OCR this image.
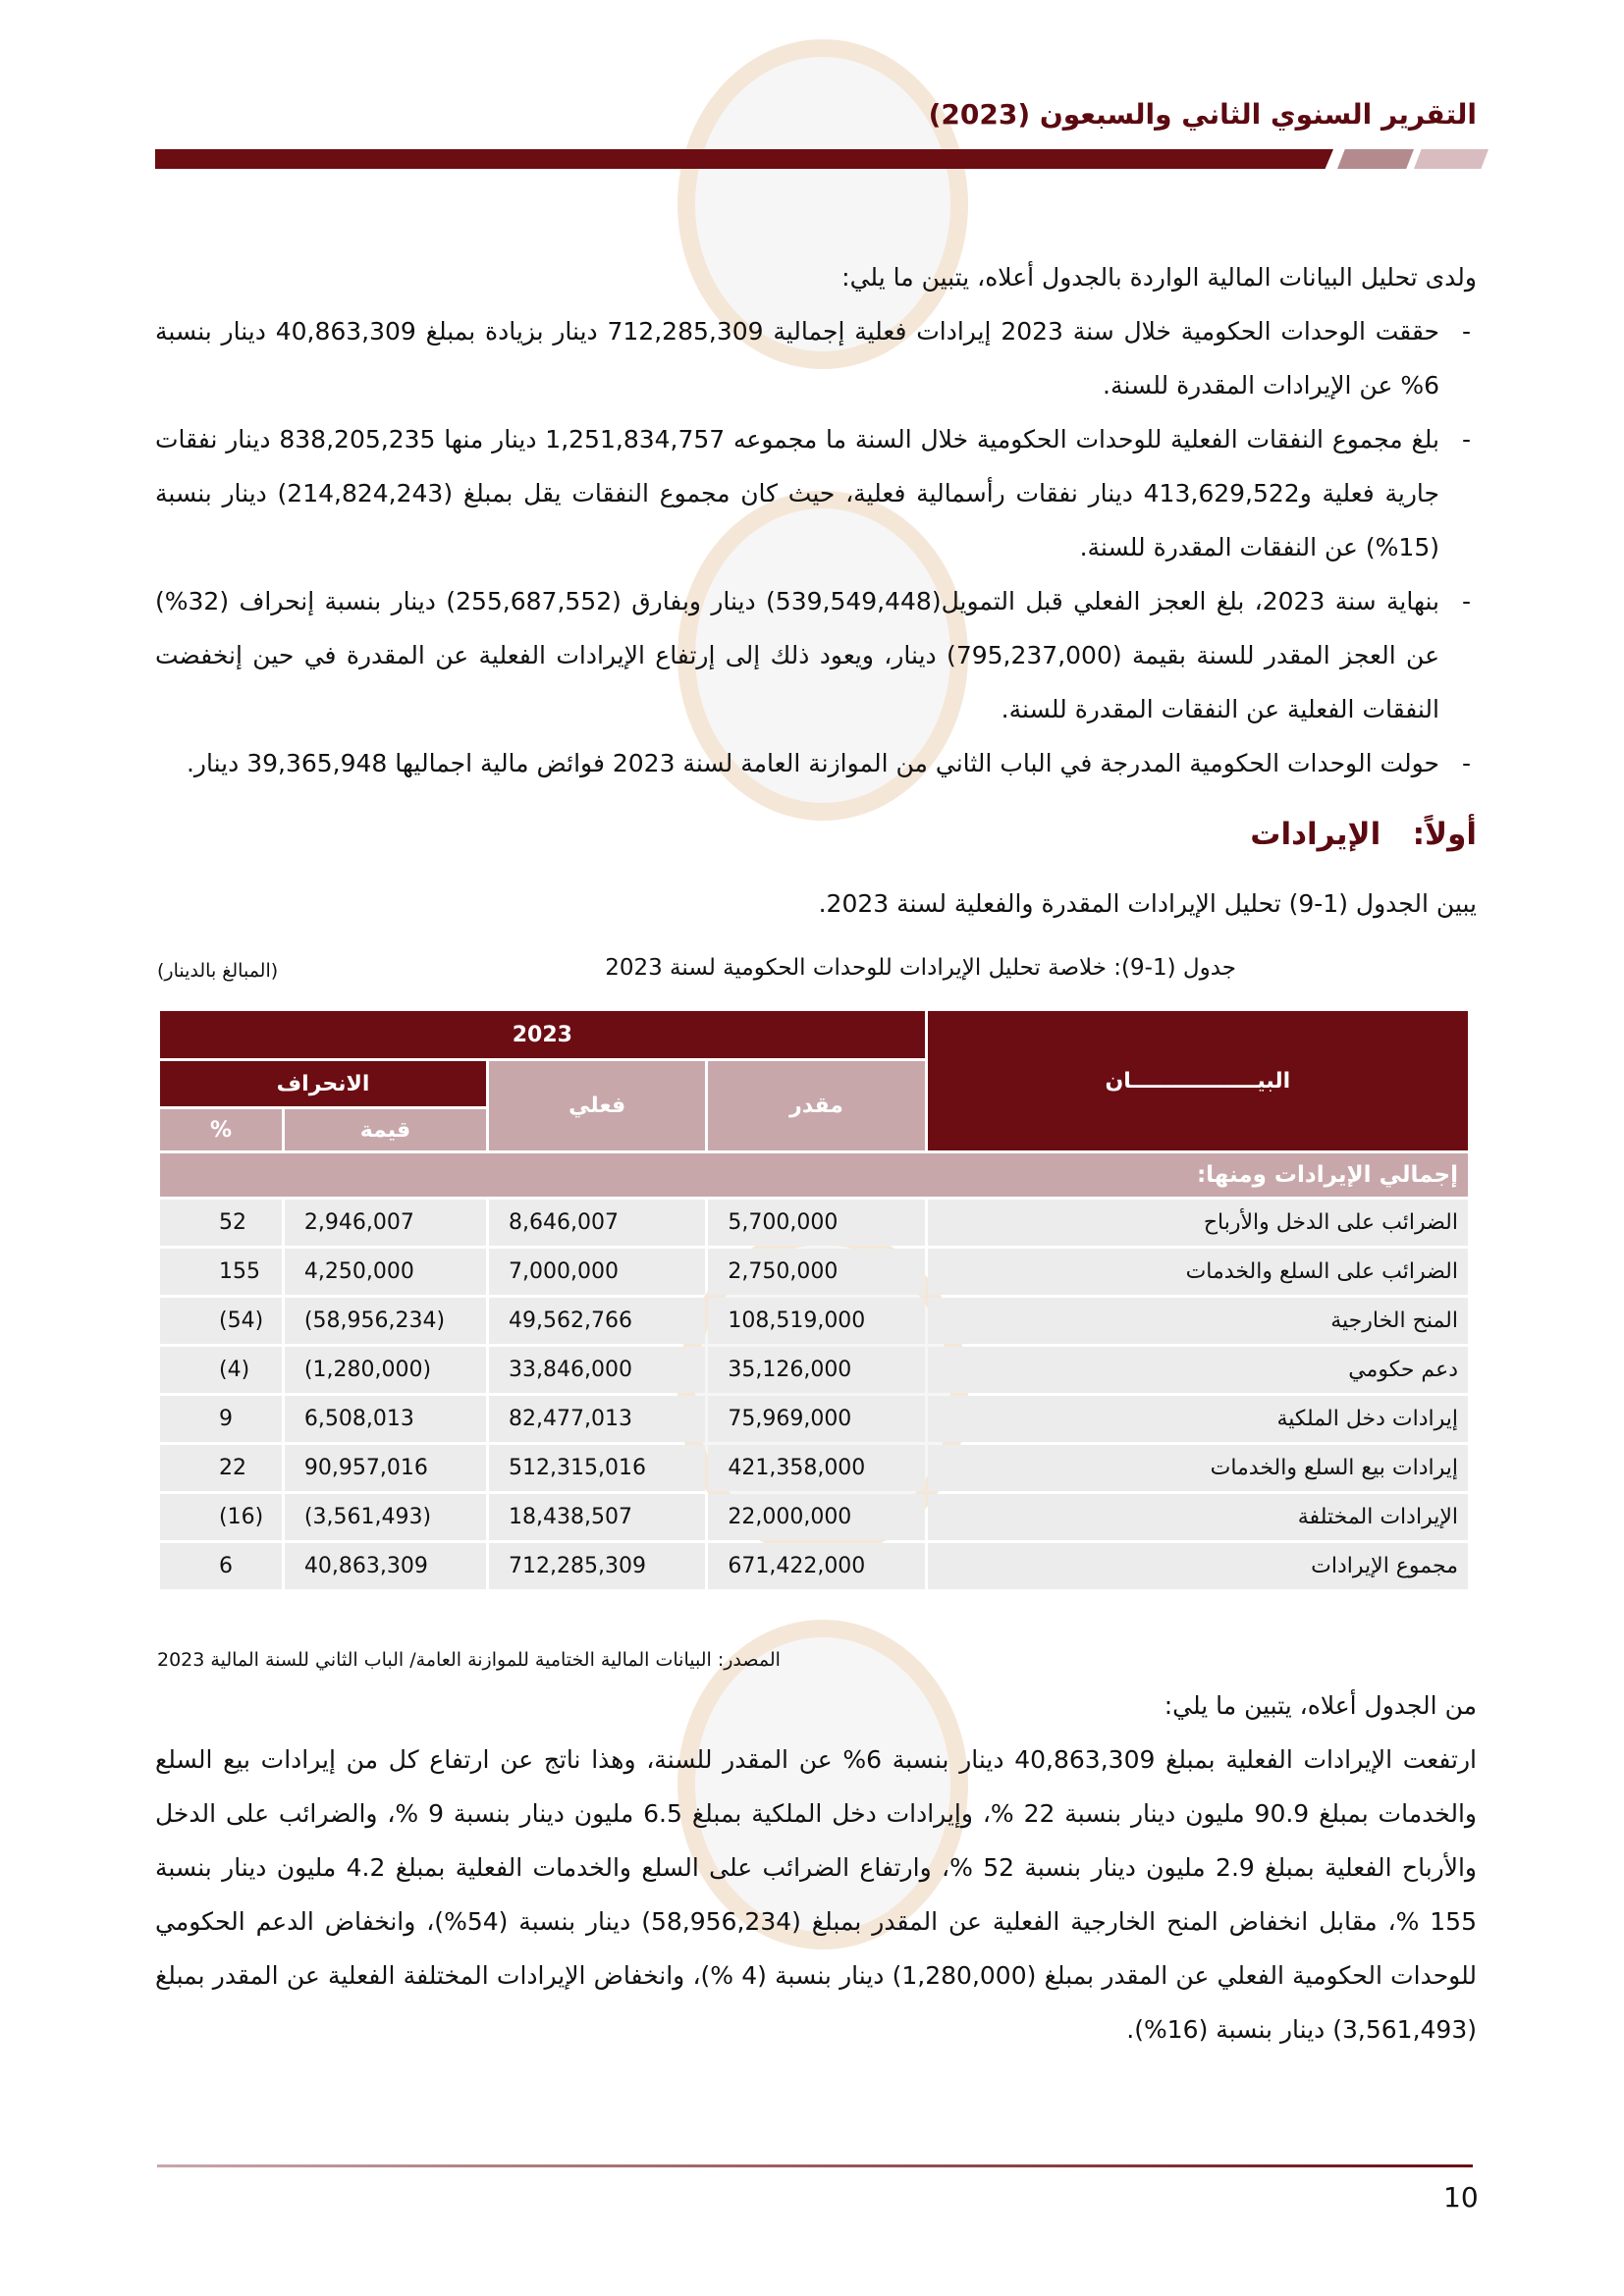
التقرير السنوي الثاني والسبعون (2023)
ولدى تحليل البيانات المالية الواردة بالجدول أعلاه، يتبين ما يلي:
- حققت الوحدات الحكومية خلال سنة 2023 إيرادات فعلية إجمالية 712,285,309 دينار بزيادة بمبلغ 40,863,309 دينار بنسبة 6% عن الإيرادات المقدرة للسنة.
- بلغ مجموع النفقات الفعلية للوحدات الحكومية خلال السنة ما مجموعه 1,251,834,757 دينار منها 838,205,235 دينار نفقات جارية فعلية و413,629,522 دينار نفقات رأسمالية فعلية، حيث كان مجموع النفقات يقل بمبلغ (214,824,243) دينار بنسبة (15%) عن النفقات المقدرة للسنة.
- بنهاية سنة 2023، بلغ العجز الفعلي قبل التمويل(539,549,448) دينار وبفارق (255,687,552) دينار بنسبة إنحراف (32%) عن العجز المقدر للسنة بقيمة (795,237,000) دينار، ويعود ذلك إلى إرتفاع الإيرادات الفعلية عن المقدرة في حين إنخفضت النفقات الفعلية عن النفقات المقدرة للسنة.
- حولت الوحدات الحكومية المدرجة في الباب الثاني من الموازنة العامة لسنة 2023 فوائض مالية اجماليها 39,365,948 دينار.
أولاً:   الإيرادات
يبين الجدول (1-9) تحليل الإيرادات المقدرة والفعلية لسنة 2023.
جدول (1-9): خلاصة تحليل الإيرادات للوحدات الحكومية لسنة 2023
(المبالغ بالدينار)
البيـــــــــــــــــان	2023			
	مقدر	فعلي	الانحراف	
			قيمة	%
إجمالي الإيرادات ومنها:				
الضرائب على الدخل والأرباح	5,700,000	8,646,007	2,946,007	52
الضرائب على السلع والخدمات	2,750,000	7,000,000	4,250,000	155
المنح الخارجية	108,519,000	49,562,766	(58,956,234)	(54)
دعم حكومي	35,126,000	33,846,000	(1,280,000)	(4)
إيرادات دخل الملكية	75,969,000	82,477,013	6,508,013	9
إيرادات بيع السلع والخدمات	421,358,000	512,315,016	90,957,016	22
الإيرادات المختلفة	22,000,000	18,438,507	(3,561,493)	(16)
مجموع الإيرادات	671,422,000	712,285,309	40,863,309	6
المصدر: البيانات المالية الختامية للموازنة العامة/ الباب الثاني للسنة المالية 2023
من الجدول أعلاه، يتبين ما يلي:
ارتفعت الإيرادات الفعلية بمبلغ 40,863,309 دينار بنسبة 6% عن المقدر للسنة، وهذا ناتج عن ارتفاع كل من إيرادات بيع السلع والخدمات بمبلغ 90.9 مليون دينار بنسبة 22 %، وإيرادات دخل الملكية بمبلغ 6.5 مليون دينار بنسبة 9 %، والضرائب على الدخل والأرباح الفعلية بمبلغ 2.9 مليون دينار بنسبة 52 %، وارتفاع الضرائب على السلع والخدمات الفعلية بمبلغ 4.2 مليون دينار بنسبة 155 %، مقابل انخفاض المنح الخارجية الفعلية عن المقدر بمبلغ (58,956,234) دينار بنسبة (54%)، وانخفاض الدعم الحكومي للوحدات الحكومية الفعلي عن المقدر بمبلغ (1,280,000) دينار بنسبة (4 %)، وانخفاض الإيرادات المختلفة الفعلية عن المقدر بمبلغ (3,561,493) دينار بنسبة (16%).
10
